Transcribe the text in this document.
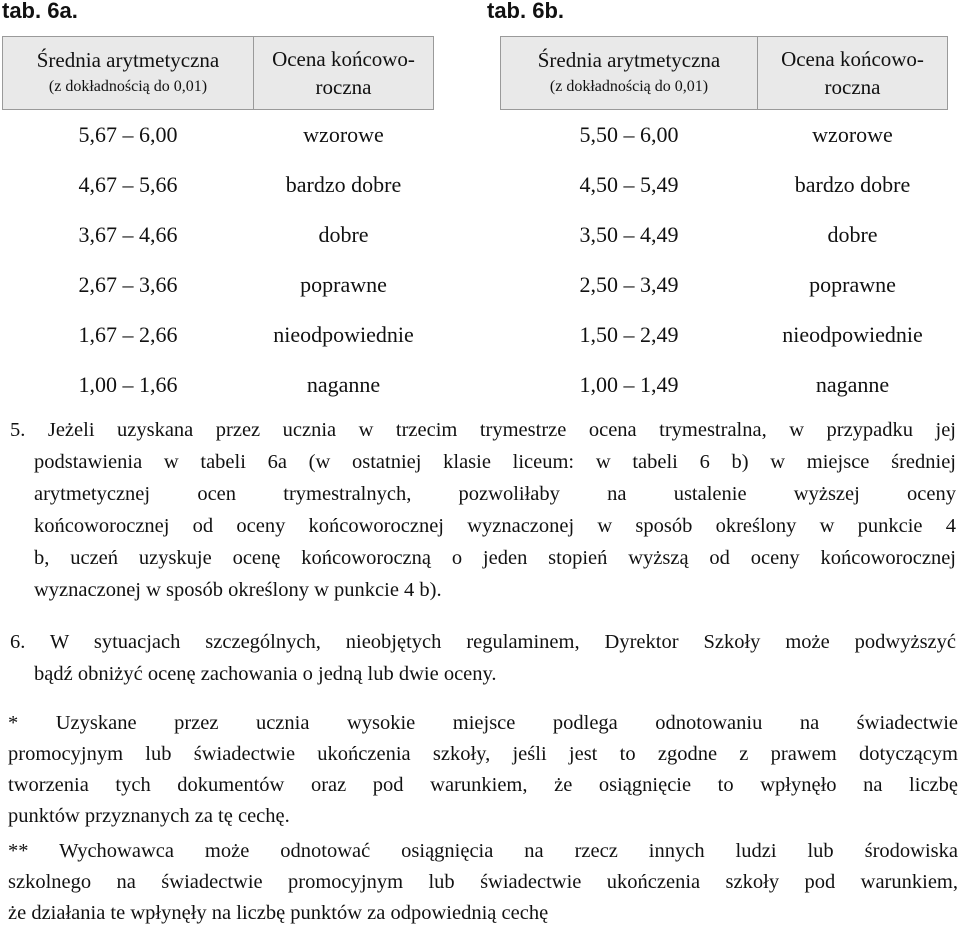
tab. 6a.	tab. 6b.
Średnia arytmetyczna
(z dokładnością do 0,01)	Ocena końcowo-
roczna

5,67 – 6,00	wzorowe
4,67 – 5,66	bardzo dobre
3,67 – 4,66	dobre
2,67 – 3,66	poprawne
1,67 – 2,66	nieodpowiednie
1,00 – 1,66	naganne
Średnia arytmetyczna
(z dokładnością do 0,01)	Ocena końcowo-
roczna

5,50 – 6,00	wzorowe
4,50 – 5,49	bardzo dobre
3,50 – 4,49	dobre
2,50 – 3,49	poprawne
1,50 – 2,49	nieodpowiednie
1,00 – 1,49	naganne
5. Jeżeli uzyskana przez ucznia w trzecim trymestrze ocena trymestralna, w przypadku jej
podstawienia w tabeli 6a (w ostatniej klasie liceum: w tabeli 6 b) w miejsce średniej
arytmetycznej ocen trymestralnych, pozwoliłaby na ustalenie wyższej oceny
końcoworocznej od oceny końcoworocznej wyznaczonej w sposób określony w punkcie 4
b, uczeń uzyskuje ocenę końcoworoczną o jeden stopień wyższą od oceny końcoworocznej
wyznaczonej w sposób określony w punkcie 4 b).
6. W sytuacjach szczególnych, nieobjętych regulaminem, Dyrektor Szkoły może podwyższyć
bądź obniżyć ocenę zachowania o jedną lub dwie oceny.
* Uzyskane przez ucznia wysokie miejsce podlega odnotowaniu na świadectwie
promocyjnym lub świadectwie ukończenia szkoły, jeśli jest to zgodne z prawem dotyczącym
tworzenia tych dokumentów oraz pod warunkiem, że osiągnięcie to wpłynęło na liczbę
punktów przyznanych za tę cechę.
** Wychowawca może odnotować osiągnięcia na rzecz innych ludzi lub środowiska
szkolnego na świadectwie promocyjnym lub świadectwie ukończenia szkoły pod warunkiem,
że działania te wpłynęły na liczbę punktów za odpowiednią cechę
